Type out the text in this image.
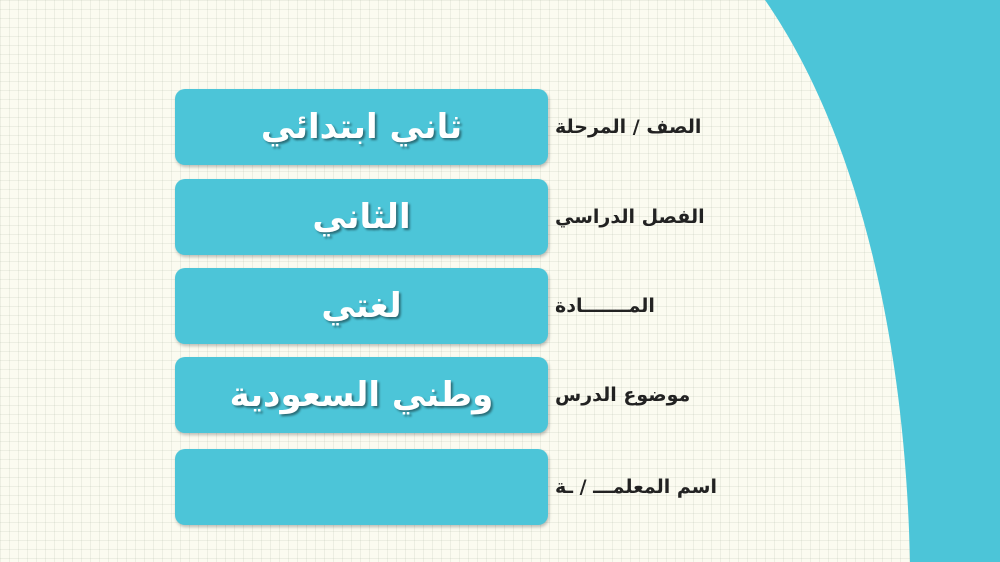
ثاني ابتدائي	الصف / المرحلة
الثاني	الفصل الدراسي
لغتي	المـــــــادة
وطني السعودية	موضوع الدرس
اسم المعلمـــ / ـة
